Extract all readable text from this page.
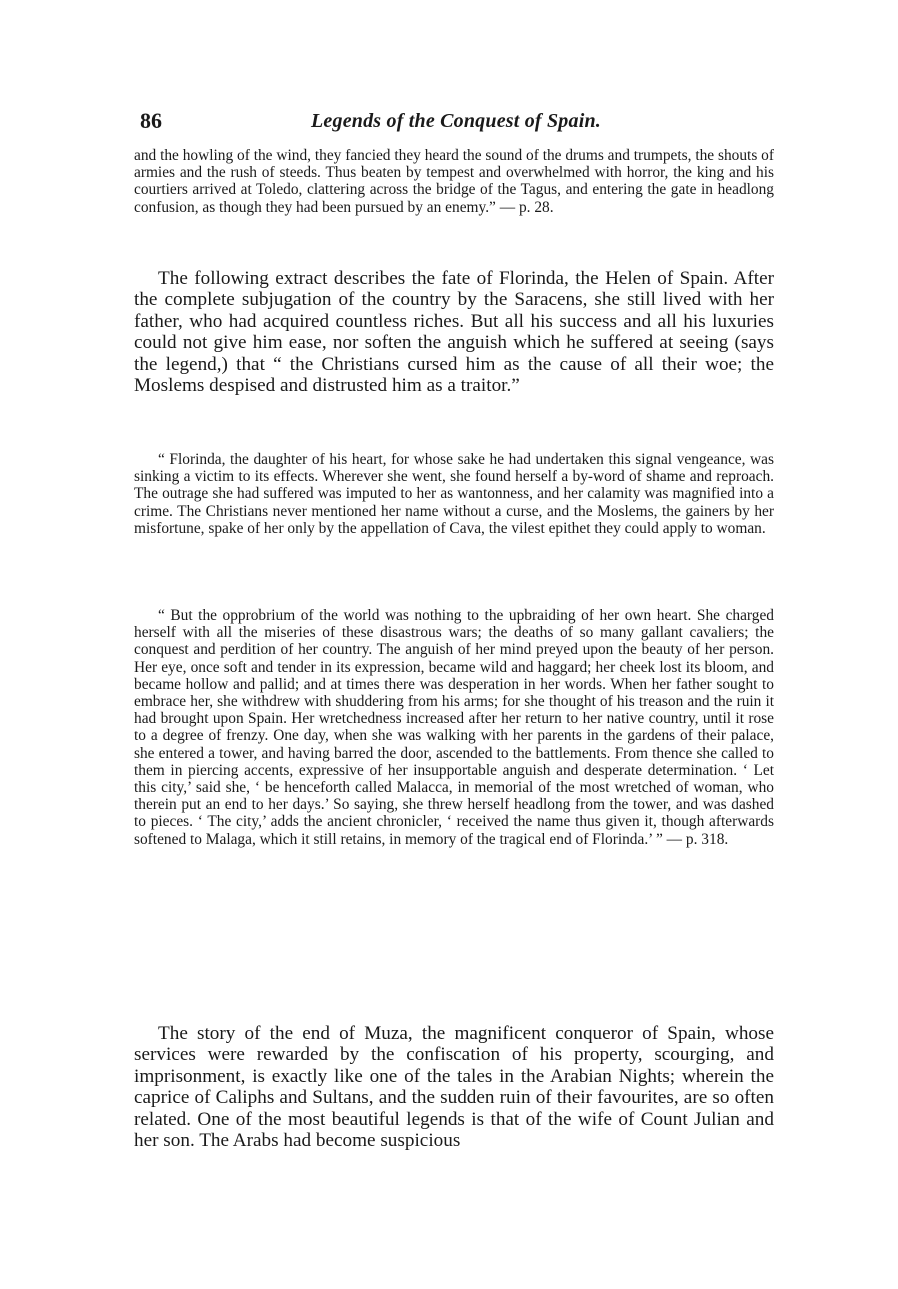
86	Legends of the Conquest of Spain.

and the howling of the wind, they fancied they heard the sound of the drums and trumpets, the shouts of armies and the rush of steeds. Thus beaten by tempest and overwhelmed with horror, the king and his courtiers arrived at Toledo, clattering across the bridge of the Tagus, and entering the gate in headlong confusion, as though they had been pursued by an enemy.” — p. 28.

The following extract describes the fate of Florinda, the Helen of Spain. After the complete subjugation of the country by the Saracens, she still lived with her father, who had acquired countless riches. But all his success and all his luxuries could not give him ease, nor soften the anguish which he suffered at seeing (says the legend,) that “ the Christians cursed him as the cause of all their woe; the Moslems despised and distrusted him as a traitor.”

“ Florinda, the daughter of his heart, for whose sake he had undertaken this signal vengeance, was sinking a victim to its effects. Wherever she went, she found herself a by-word of shame and reproach. The outrage she had suffered was imputed to her as wantonness, and her calamity was magnified into a crime. The Christians never mentioned her name without a curse, and the Moslems, the gainers by her misfortune, spake of her only by the appellation of Cava, the vilest epithet they could apply to woman.

“ But the opprobrium of the world was nothing to the upbraiding of her own heart. She charged herself with all the miseries of these disastrous wars; the deaths of so many gallant cavaliers; the conquest and perdition of her country. The anguish of her mind preyed upon the beauty of her person. Her eye, once soft and tender in its expression, became wild and haggard; her cheek lost its bloom, and became hollow and pallid; and at times there was desperation in her words. When her father sought to embrace her, she withdrew with shuddering from his arms; for she thought of his treason and the ruin it had brought upon Spain. Her wretchedness increased after her return to her native country, until it rose to a degree of frenzy. One day, when she was walking with her parents in the gardens of their palace, she entered a tower, and having barred the door, ascended to the battlements. From thence she called to them in piercing accents, expressive of her insupportable anguish and desperate determination. ‘ Let this city,’ said she, ‘ be henceforth called Malacca, in memorial of the most wretched of woman, who therein put an end to her days.’ So saying, she threw herself headlong from the tower, and was dashed to pieces. ‘ The city,’ adds the ancient chronicler, ‘ received the name thus given it, though afterwards softened to Malaga, which it still retains, in memory of the tragical end of Florinda.’ ” — p. 318.

The story of the end of Muza, the magnificent conqueror of Spain, whose services were rewarded by the confiscation of his property, scourging, and imprisonment, is exactly like one of the tales in the Arabian Nights; wherein the caprice of Caliphs and Sultans, and the sudden ruin of their favourites, are so often related. One of the most beautiful legends is that of the wife of Count Julian and her son. The Arabs had become suspicious
